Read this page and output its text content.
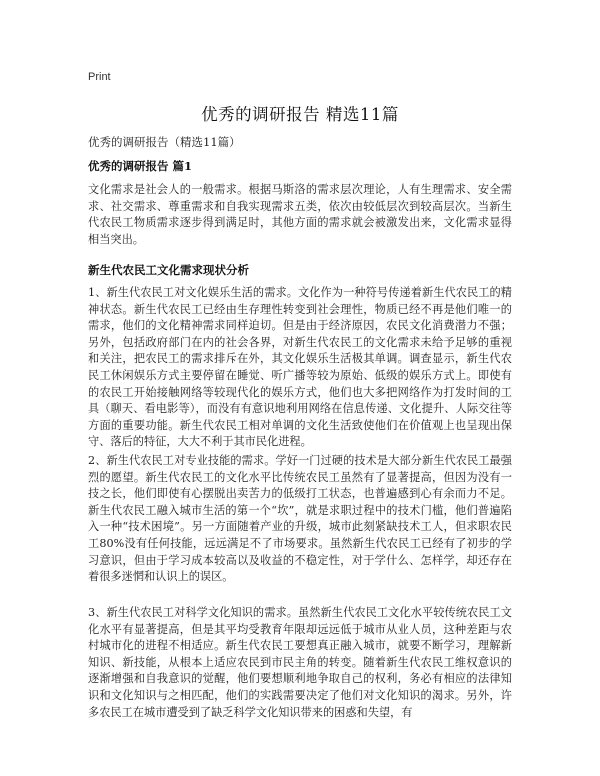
Print
优秀的调研报告 精选11篇

优秀的调研报告（精选11篇）

优秀的调研报告 篇1

文化需求是社会人的一般需求。根据马斯洛的需求层次理论，人有生理需求、安全需求、社交需求、尊重需求和自我实现需求五类，依次由较低层次到较高层次。当新生代农民工物质需求逐步得到满足时，其他方面的需求就会被激发出来，文化需求显得相当突出。

新生代农民工文化需求现状分析

1、新生代农民工对文化娱乐生活的需求。文化作为一种符号传递着新生代农民工的精神状态。新生代农民工已经由生存理性转变到社会理性，物质已经不再是他们唯一的需求，他们的文化精神需求同样迫切。但是由于经济原因，农民文化消费潜力不强；另外，包括政府部门在内的社会各界，对新生代农民工的文化需求未给予足够的重视和关注，把农民工的需求排斥在外，其文化娱乐生活极其单调。调查显示，新生代农民工休闲娱乐方式主要停留在睡觉、听广播等较为原始、低级的娱乐方式上。即使有的农民工开始接触网络等较现代化的娱乐方式，他们也大多把网络作为打发时间的工具（聊天、看电影等），而没有有意识地利用网络在信息传递、文化提升、人际交往等方面的重要功能。新生代农民工相对单调的文化生活致使他们在价值观上也呈现出保守、落后的特征，大大不利于其市民化进程。

2、新生代农民工对专业技能的需求。学好一门过硬的技术是大部分新生代农民工最强烈的愿望。新生代农民工的文化水平比传统农民工虽然有了显著提高，但因为没有一技之长，他们即使有心摆脱出卖苦力的低级打工状态，也普遍感到心有余而力不足。新生代农民工融入城市生活的第一个“坎”，就是求职过程中的技术门槛，他们普遍陷入一种“技术困境”。另一方面随着产业的升级，城市此刻紧缺技术工人，但求职农民工80%没有任何技能，远远满足不了市场要求。虽然新生代农民工已经有了初步的学习意识，但由于学习成本较高以及收益的不稳定性，对于学什么、怎样学，却还存在着很多迷惘和认识上的误区。

3、新生代农民工对科学文化知识的需求。虽然新生代农民工文化水平较传统农民工文化水平有显著提高，但是其平均受教育年限却远远低于城市从业人员，这种差距与农村城市化的进程不相适应。新生代农民工要想真正融入城市，就要不断学习，理解新知识、新技能，从根本上适应农民到市民主角的转变。随着新生代农民工维权意识的逐渐增强和自我意识的觉醒，他们要想顺利地争取自己的权利，务必有相应的法律知识和文化知识与之相匹配，他们的实践需要决定了他们对文化知识的渴求。另外，许多农民工在城市遭受到了缺乏科学文化知识带来的困惑和失望，有
